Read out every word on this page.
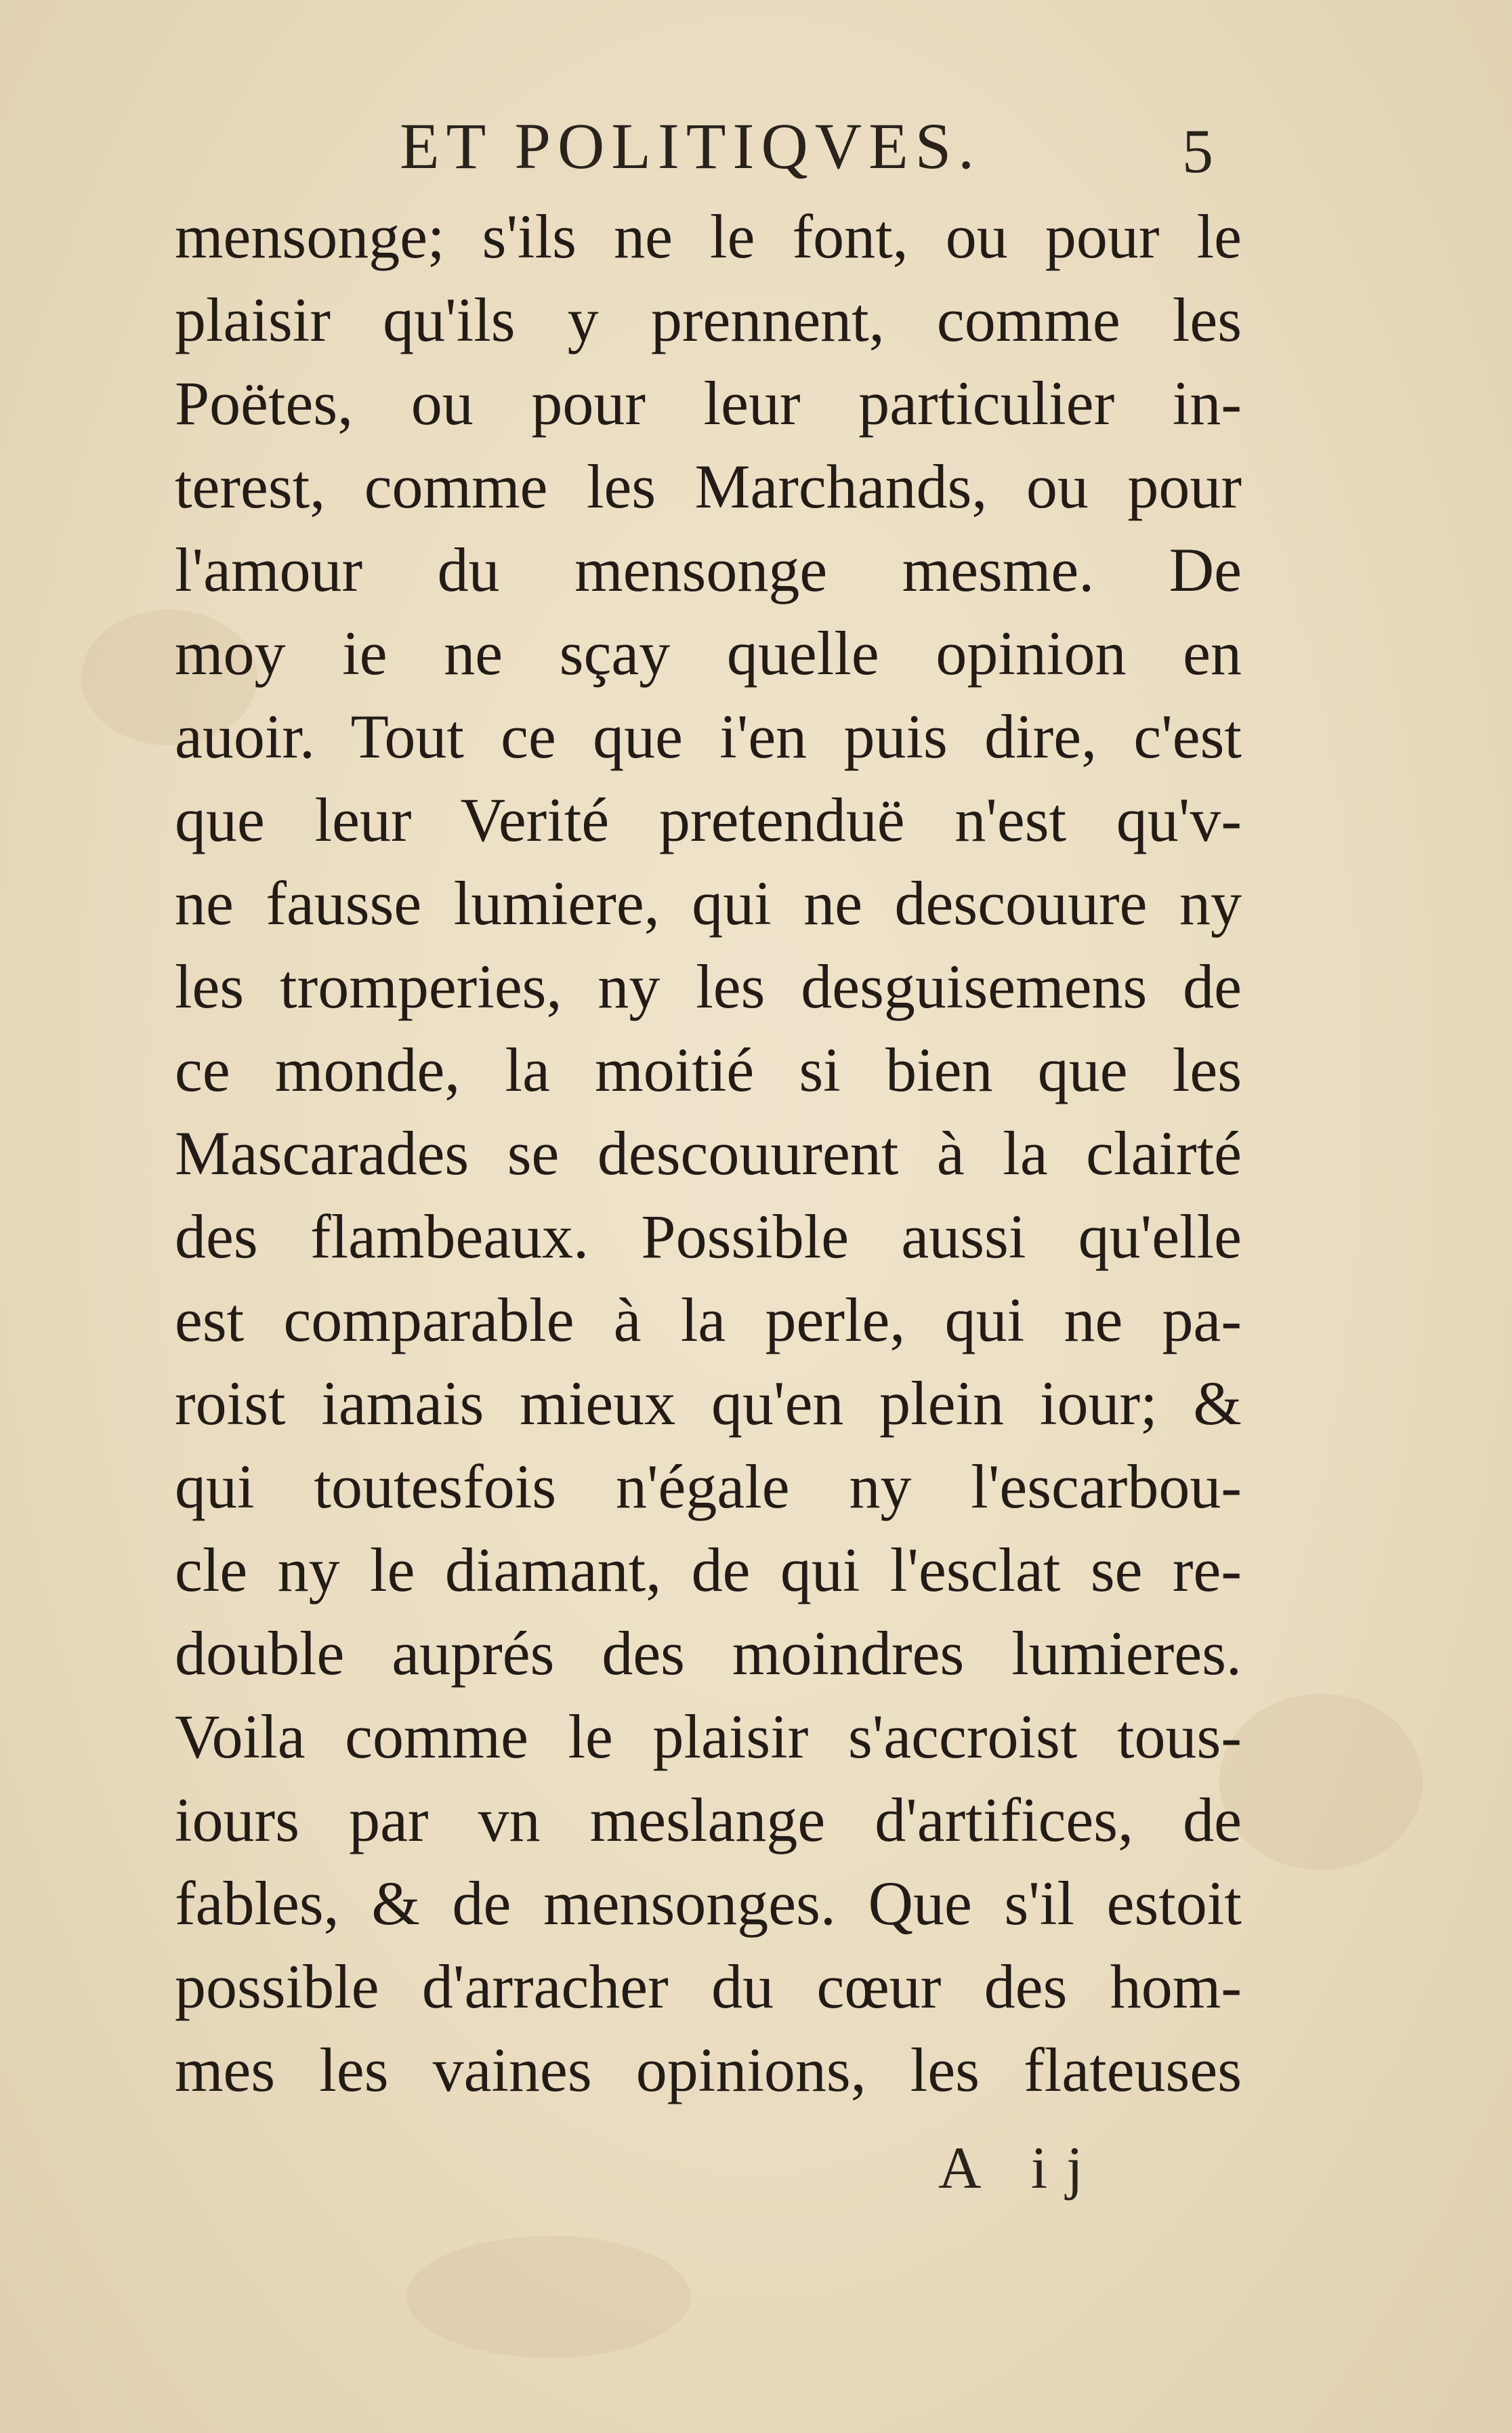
ET POLITIQVES.	5
mensonge; s'ils ne le font, ou pour le
plaisir qu'ils y prennent, comme les
Poëtes, ou pour leur particulier in-
terest, comme les Marchands, ou pour
l'amour du mensonge mesme. De
moy ie ne sçay quelle opinion en
auoir. Tout ce que i'en puis dire, c'est
que leur Verité pretenduë n'est qu'v-
ne fausse lumiere, qui ne descouure ny
les tromperies, ny les desguisemens de
ce monde, la moitié si bien que les
Mascarades se descouurent à la clairté
des flambeaux. Possible aussi qu'elle
est comparable à la perle, qui ne pa-
roist iamais mieux qu'en plein iour; &
qui toutesfois n'égale ny l'escarbou-
cle ny le diamant, de qui l'esclat se re-
double auprés des moindres lumieres.
Voila comme le plaisir s'accroist tous-
iours par vn meslange d'artifices, de
fables, & de mensonges. Que s'il estoit
possible d'arracher du cœur des hom-
mes les vaines opinions, les flateuses
A ij
